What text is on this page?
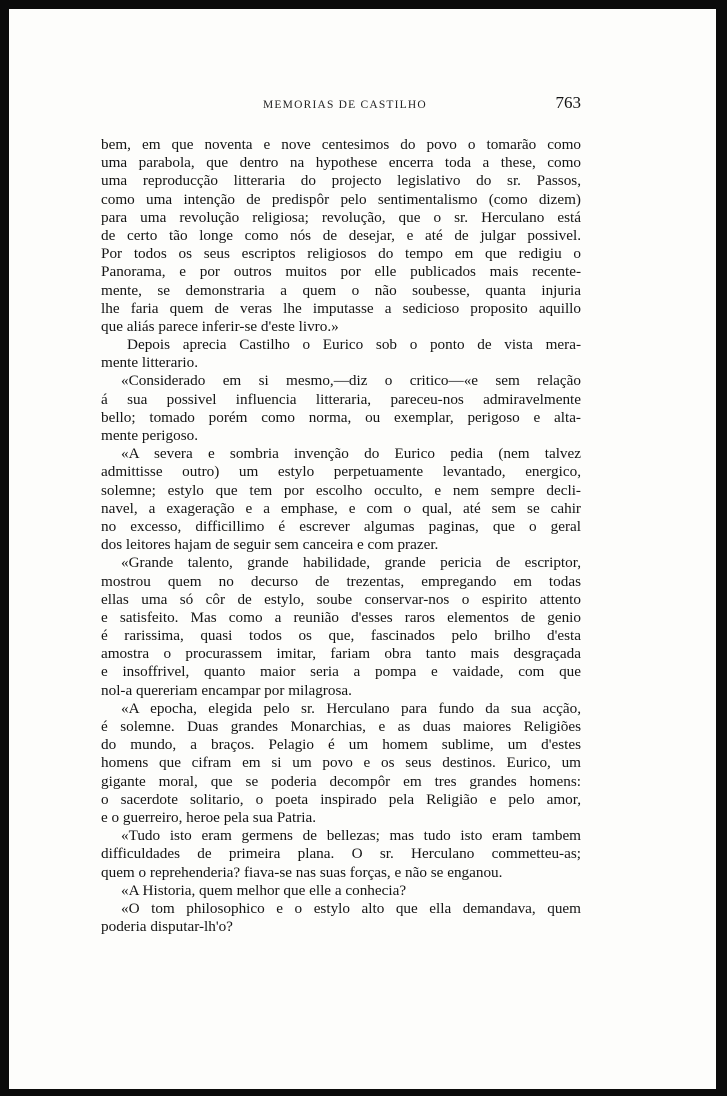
MEMORIAS DE CASTILHO	763
bem, em que noventa e nove centesimos do povo o tomarão como
uma parabola, que dentro na hypothese encerra toda a these, como
uma reproducção litteraria do projecto legislativo do sr. Passos,
como uma intenção de predispôr pelo sentimentalismo (como dizem)
para uma revolução religiosa; revolução, que o sr. Herculano está
de certo tão longe como nós de desejar, e até de julgar possivel.
Por todos os seus escriptos religiosos do tempo em que redigiu o
Panorama, e por outros muitos por elle publicados mais recente-
mente, se demonstraria a quem o não soubesse, quanta injuria
lhe faria quem de veras lhe imputasse a sedicioso proposito aquillo
que aliás parece inferir-se d'este livro.»
Depois aprecia Castilho o Eurico sob o ponto de vista mera-
mente litterario.
«Considerado em si mesmo,—diz o critico—«e sem relação
á sua possivel influencia litteraria, pareceu-nos admiravelmente
bello; tomado porém como norma, ou exemplar, perigoso e alta-
mente perigoso.
«A severa e sombria invenção do Eurico pedia (nem talvez
admittisse outro) um estylo perpetuamente levantado, energico,
solemne; estylo que tem por escolho occulto, e nem sempre decli-
navel, a exageração e a emphase, e com o qual, até sem se cahir
no excesso, difficillimo é escrever algumas paginas, que o geral
dos leitores hajam de seguir sem canceira e com prazer.
«Grande talento, grande habilidade, grande pericia de escriptor,
mostrou quem no decurso de trezentas, empregando em todas
ellas uma só côr de estylo, soube conservar-nos o espirito attento
e satisfeito. Mas como a reunião d'esses raros elementos de genio
é rarissima, quasi todos os que, fascinados pelo brilho d'esta
amostra o procurassem imitar, fariam obra tanto mais desgraçada
e insoffrivel, quanto maior seria a pompa e vaidade, com que
nol-a quereriam encampar por milagrosa.
«A epocha, elegida pelo sr. Herculano para fundo da sua acção,
é solemne. Duas grandes Monarchias, e as duas maiores Religiões
do mundo, a braços. Pelagio é um homem sublime, um d'estes
homens que cifram em si um povo e os seus destinos. Eurico, um
gigante moral, que se poderia decompôr em tres grandes homens:
o sacerdote solitario, o poeta inspirado pela Religião e pelo amor,
e o guerreiro, heroe pela sua Patria.
«Tudo isto eram germens de bellezas; mas tudo isto eram tambem
difficuldades de primeira plana. O sr. Herculano commetteu-as;
quem o reprehenderia? fiava-se nas suas forças, e não se enganou.
«A Historia, quem melhor que elle a conhecia?
«O tom philosophico e o estylo alto que ella demandava, quem
poderia disputar-lh'o?
